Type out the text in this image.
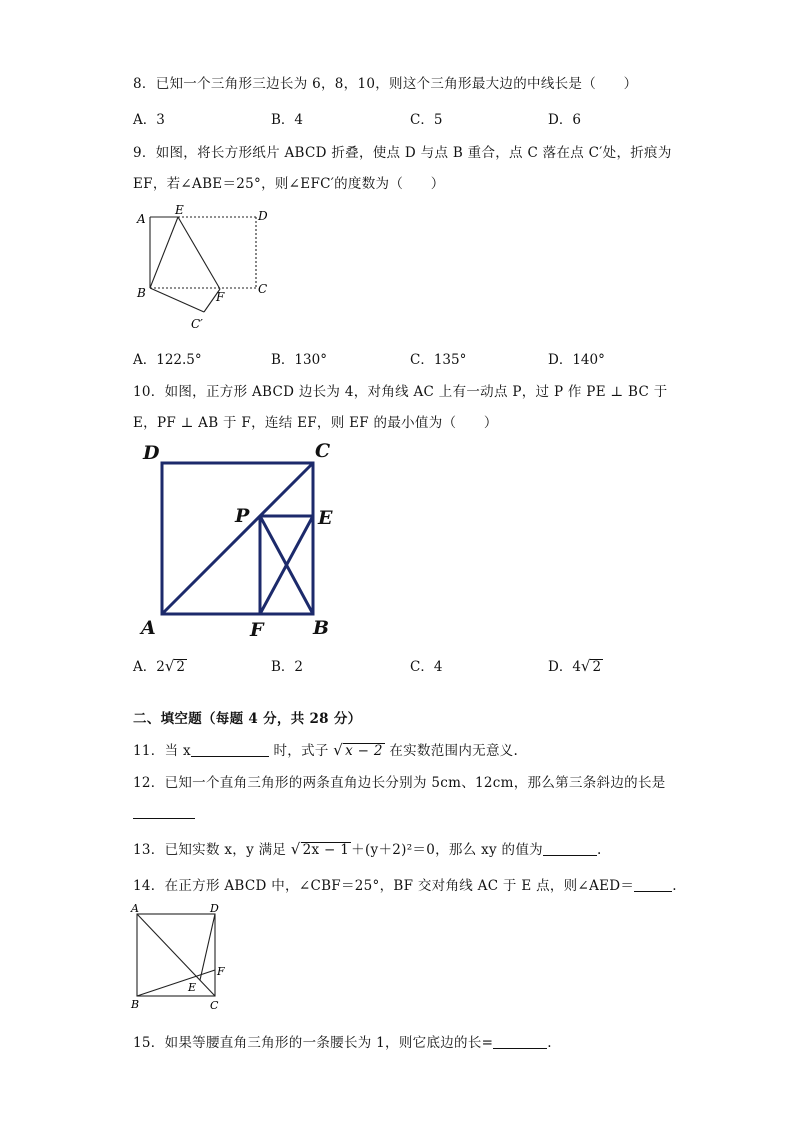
8．已知一个三角形三边长为 6，8，10，则这个三角形最大边的中线长是（　　）
A．3	B．4	C．5	D．6
9．如图，将长方形纸片 ABCD 折叠，使点 D 与点 B 重合，点 C 落在点 C′处，折痕为
EF，若∠ABE＝25°，则∠EFC′的度数为（　　）
A
E	D
B	F
C
C′
A．122.5°	B．130°	C．135°	D．140°
10．如图，正方形 ABCD 边长为 4，对角线 AC 上有一动点 P，过 P 作 PE ⊥ BC 于
E，PF ⊥ AB 于 F，连结 EF，则 EF 的最小值为（　　）
D	C
P	E
A	F	B
A．2√ 2	B．2	C．4	D．4√ 2
二、填空题（每题 4 分，共 28 分）
11．当 x	时，式子 √ x − 2 在实数范围内无意义.
12．已知一个直角三角形的两条直角边长分别为 5cm、12cm，那么第三条斜边的长是
13．已知实数 x，y 满足 √ 2x − 1 ＋(y＋2)²＝0，那么 xy 的值为	.
14．在正方形 ABCD 中，∠CBF＝25°，BF 交对角线 AC 于 E 点，则∠AED＝	.
A	D
F
E
B	C
15．如果等腰直角三角形的一条腰长为 1，则它底边的长=	.
